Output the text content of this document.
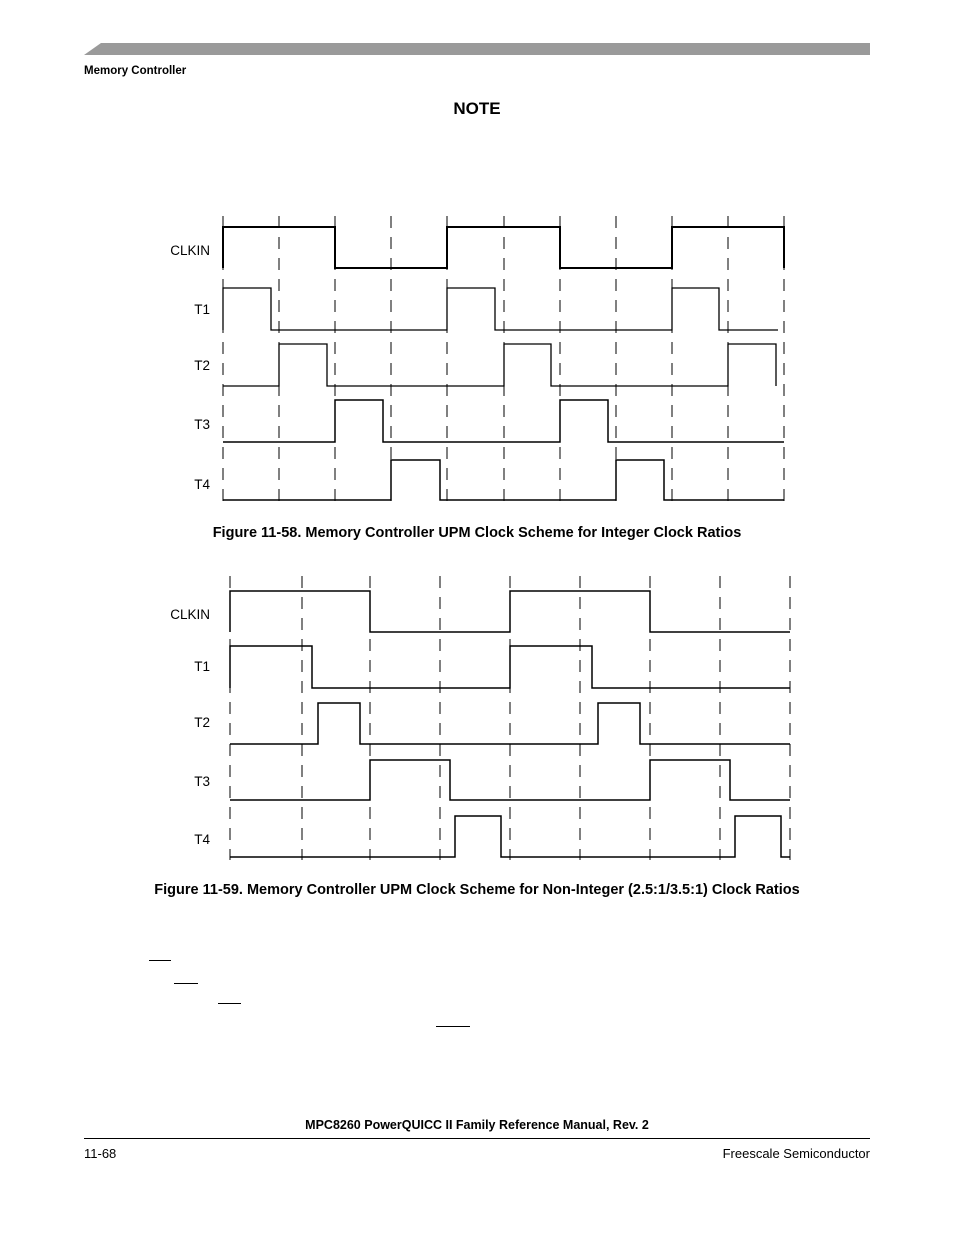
Memory Controller
NOTE
CLKIN
T1
T2
T3
T4
Figure 11-58. Memory Controller UPM Clock Scheme for Integer Clock Ratios
CLKIN
T1
T2
T3
T4
Figure 11-59. Memory Controller UPM Clock Scheme for Non-Integer (2.5:1/3.5:1) Clock Ratios
MPC8260 PowerQUICC II Family Reference Manual, Rev. 2
11-68	Freescale Semiconductor
